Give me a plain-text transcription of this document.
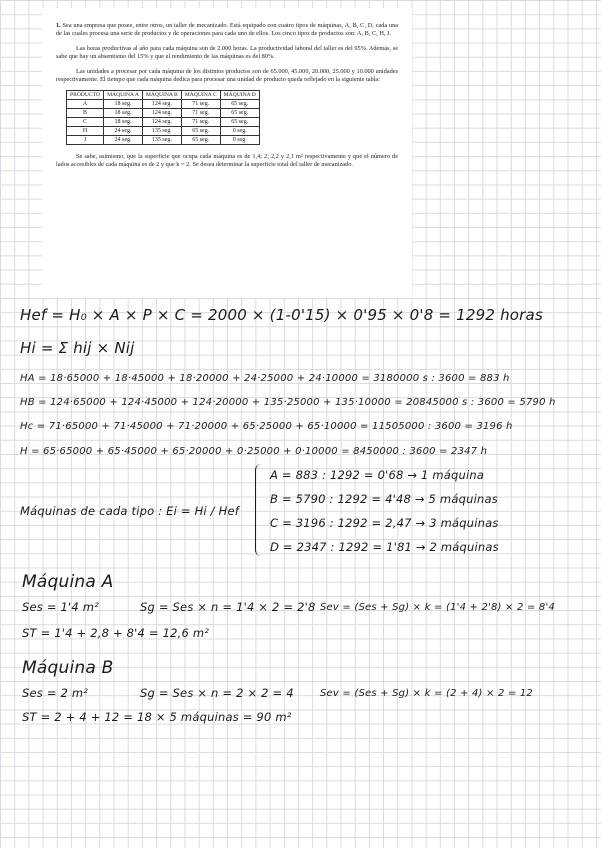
1. Sea una empresa que posee, entre otros, un taller de mecanizado. Está equipado con cuatro tipos de máquinas, A, B, C, D, cada una de las cuales procesa una serie de productos y de operaciones para cada uno de ellos. Los cinco tipos de productos son: A, B, C, H, J.

Las horas productivas al año para cada máquina son de 2.000 horas. La productividad laboral del taller es del 95%. Además, se sabe que hay un absentismo del 15% y que el rendimiento de las máquinas es del 80%.

Las unidades a procesar por cada máquina de los distintos productos son de 65.000, 45.000, 20.000, 25.000 y 10.000 unidades respectivamente. El tiempo que cada máquina dedica para procesar una unidad de producto queda reflejado en la siguiente tabla:

PRODUCTO	MÁQUINA A	MÁQUINA B	MÁQUINA C	MÁQUINA D
A	18 seg.	124 seg.	71 seg.	65 seg.
B	18 seg.	124 seg.	71 seg.	65 seg.
C	18 seg.	124 seg.	71 seg.	65 seg.
H	24 seg.	135 seg.	65 seg.	0 seg.
J	24 seg.	135 seg.	65 seg.	0 seg.

Se sabe, asimismo, que la superficie que ocupa cada máquina es de 1,4; 2; 2,2 y 2,1 m² respectivamente y que el número de lados accesibles de cada máquina es de 2 y que k = 2. Se desea determinar la superficie total del taller de mecanizado.

Hef = H₀ × A × P × C = 2000 × (1-0'15) × 0'95 × 0'8 = 1292 horas
Hi = Σ hij × Nij
HA = 18·65000 + 18·45000 + 18·20000 + 24·25000 + 24·10000 = 3180000 s : 3600 = 883 h
HB = 124·65000 + 124·45000 + 124·20000 + 135·25000 + 135·10000 = 20845000 s : 3600 = 5790 h
Hc = 71·65000 + 71·45000 + 71·20000 + 65·25000 + 65·10000 = 11505000 : 3600 = 3196 h
H = 65·65000 + 65·45000 + 65·20000 + 0·25000 + 0·10000 = 8450000 : 3600 = 2347 h
Máquinas de cada tipo : Ei = Hi / Hef
A = 883 : 1292 = 0'68 → 1 máquina
B = 5790 : 1292 = 4'48 → 5 máquinas
C = 3196 : 1292 = 2,47 → 3 máquinas
D = 2347 : 1292 = 1'81 → 2 máquinas
Máquina A
Ses = 1'4 m²	Sg = Ses × n = 1'4 × 2 = 2'8 Sev = (Ses + Sg) × k = (1'4 + 2'8) × 2 = 8'4
ST = 1'4 + 2,8 + 8'4 = 12,6 m²
Máquina B
Ses = 2 m²	Sg = Ses × n = 2 × 2 = 4	Sev = (Ses + Sg) × k = (2 + 4) × 2 = 12
ST = 2 + 4 + 12 = 18 × 5 máquinas = 90 m²
